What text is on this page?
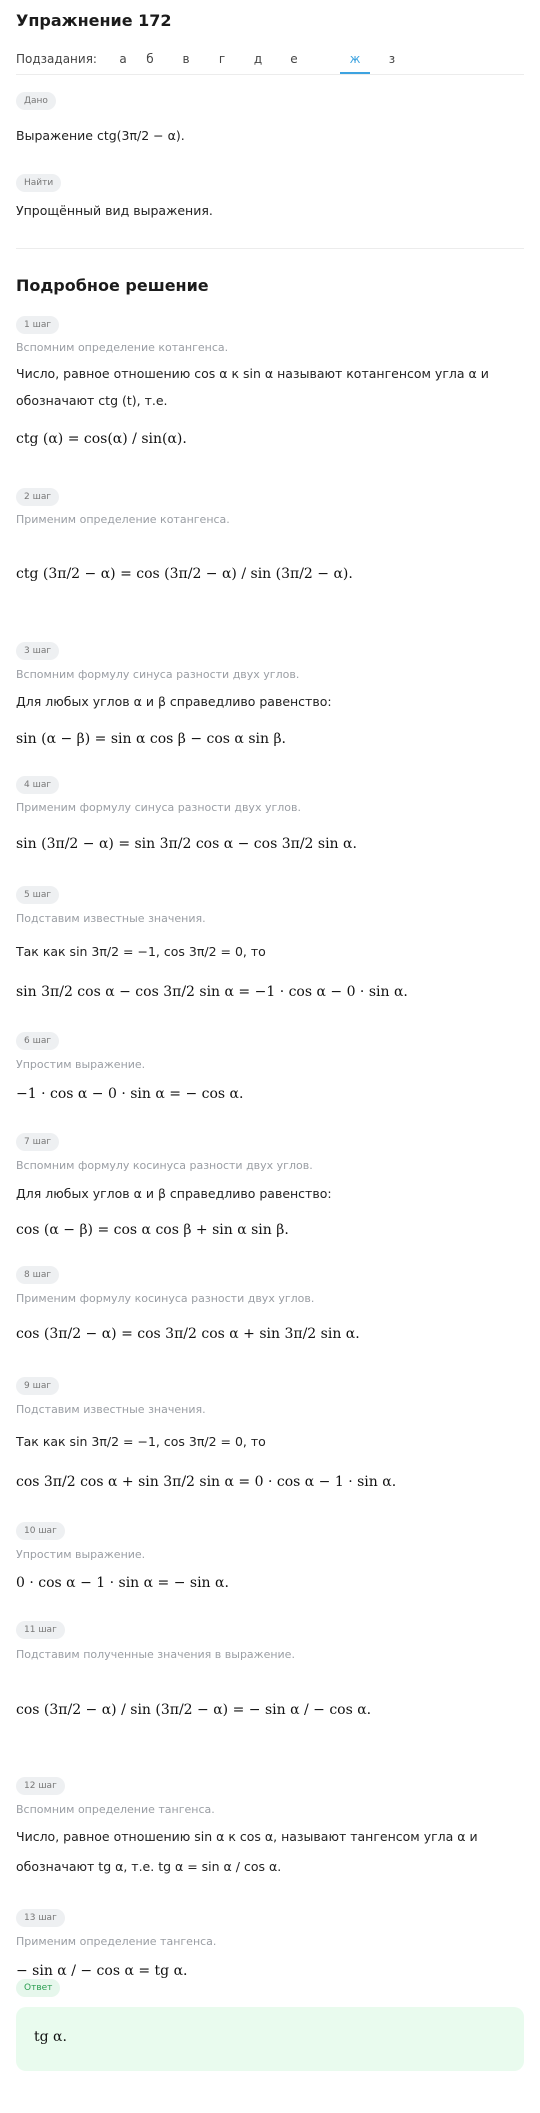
Упражнение 172
Подзадания:	а	б	в	г	д	е	ж	з
Дано
Выражение ctg(3π/2 − α).
Найти
Упрощённый вид выражения.
Подробное решение
1 шаг
Вспомним определение котангенса.
Число, равное отношению cos α к sin α называют котангенсом угла α и
обозначают ctg (t), т.е.
ctg (α) = cos(α) / sin(α).
2 шаг
Применим определение котангенса.
ctg (3π/2 − α) = cos (3π/2 − α) / sin (3π/2 − α).
3 шаг
Вспомним формулу синуса разности двух углов.
Для любых углов α и β справедливо равенство:
sin (α − β) = sin α cos β − cos α sin β.
4 шаг
Применим формулу синуса разности двух углов.
sin (3π/2 − α) = sin 3π/2 cos α − cos 3π/2 sin α.
5 шаг
Подставим известные значения.
Так как sin 3π/2 = −1, cos 3π/2 = 0, то
sin 3π/2 cos α − cos 3π/2 sin α = −1 · cos α − 0 · sin α.
6 шаг
Упростим выражение.
−1 · cos α − 0 · sin α = − cos α.
7 шаг
Вспомним формулу косинуса разности двух углов.
Для любых углов α и β справедливо равенство:
cos (α − β) = cos α cos β + sin α sin β.
8 шаг
Применим формулу косинуса разности двух углов.
cos (3π/2 − α) = cos 3π/2 cos α + sin 3π/2 sin α.
9 шаг
Подставим известные значения.
Так как sin 3π/2 = −1, cos 3π/2 = 0, то
cos 3π/2 cos α + sin 3π/2 sin α = 0 · cos α − 1 · sin α.
10 шаг
Упростим выражение.
0 · cos α − 1 · sin α = − sin α.
11 шаг
Подставим полученные значения в выражение.
cos (3π/2 − α) / sin (3π/2 − α) = − sin α / − cos α.
12 шаг
Вспомним определение тангенса.
Число, равное отношению sin α к cos α, называют тангенсом угла α и
обозначают tg α, т.е. tg α = sin α / cos α.
13 шаг
Применим определение тангенса.
− sin α / − cos α = tg α.
Ответ
tg α.
